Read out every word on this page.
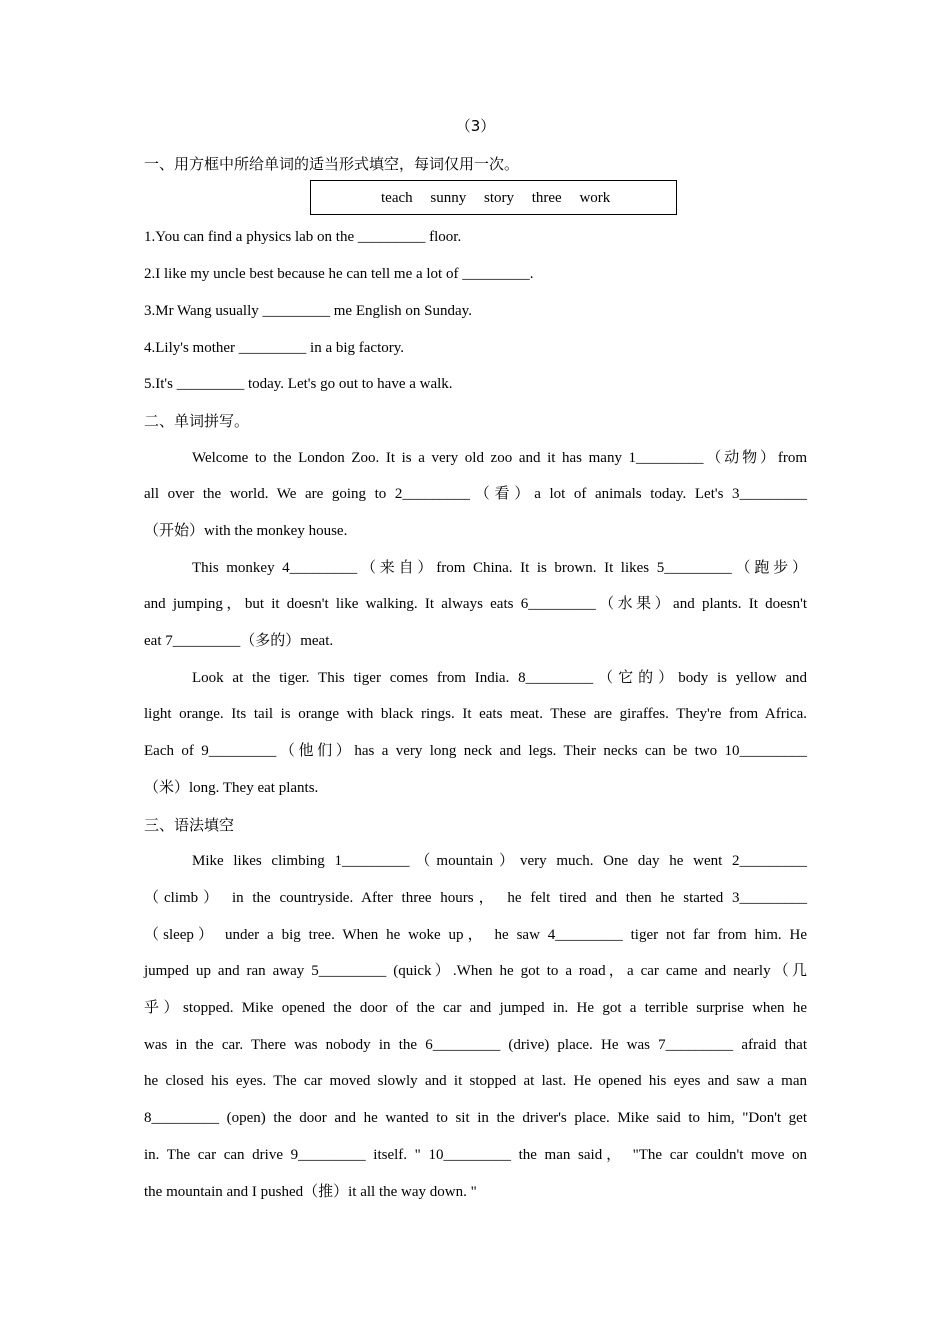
（3）
一、用方框中所给单词的适当形式填空，每词仅用一次。
teach sunny story three work
1.You can find a physics lab on the _________ floor.
2.I like my uncle best because he can tell me a lot of _________.
3.Mr Wang usually _________ me English on Sunday.
4.Lily's mother _________ in a big factory.
5.It's _________ today. Let's go out to have a walk.
二、单词拼写。
Welcome to the London Zoo. It is a very old zoo and it has many 1_________（动物）from
all over the world. We are going to 2_________（看）a lot of animals today. Let's 3_________
（开始）with the monkey house.
This monkey 4_________（来自）from China. It is brown. It likes 5_________（跑步）
and jumping，but it doesn't like walking. It always eats 6_________（水果）and plants. It doesn't
eat 7_________（多的）meat.
Look at the tiger. This tiger comes from India. 8_________（它的）body is yellow and
light orange. Its tail is orange with black rings. It eats meat. These are giraffes. They're from Africa.
Each of 9_________（他们）has a very long neck and legs. Their necks can be two 10_________
（米）long. They eat plants.
三、语法填空
Mike likes climbing 1_________（mountain）very much. One day he went 2_________
（climb） in the countryside. After three hours， he felt tired and then he started 3_________
（sleep） under a big tree. When he woke up， he saw 4_________ tiger not far from him. He
jumped up and ran away 5_________ (quick）.When he got to a road，a car came and nearly（几
乎）stopped. Mike opened the door of the car and jumped in. He got a terrible surprise when he
was in the car. There was nobody in the 6_________ (drive) place. He was 7_________ afraid that
he closed his eyes. The car moved slowly and it stopped at last. He opened his eyes and saw a man
8_________ (open) the door and he wanted to sit in the driver's place. Mike said to him, "Don't get
in. The car can drive 9_________ itself. " 10_________ the man said， "The car couldn't move on
the mountain and I pushed（推）it all the way down. "
